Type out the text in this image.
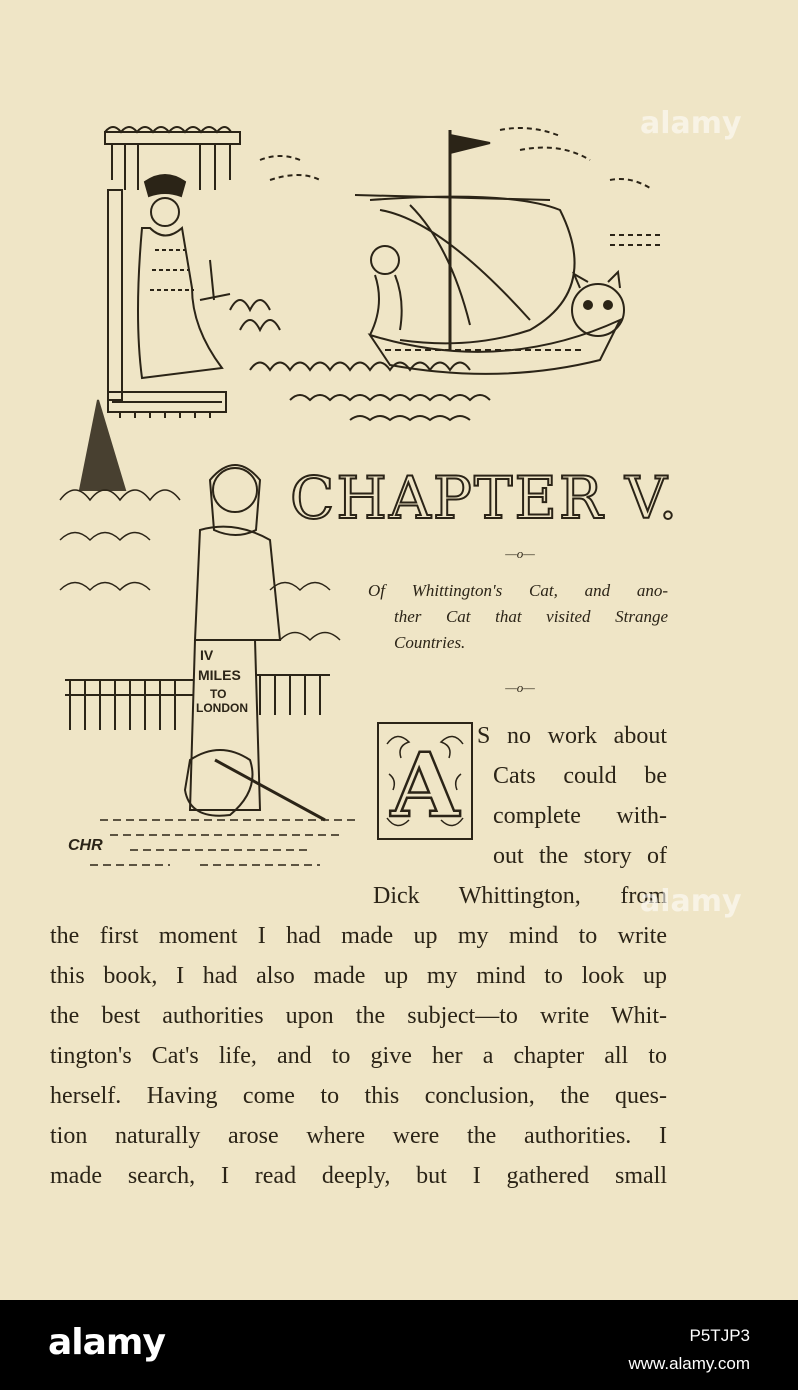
IV
MILES
TO
LONDON
CHR
CHAPTER V.
—o—
Of Whittington's Cat, and ano-
ther Cat that visited Strange
Countries.
—o—
A S no work about
Cats could be
complete with-
out the story of
Dick Whittington, from
the first moment I had made up my mind to write
this book, I had also made up my mind to look up
the best authorities upon the subject—to write Whit-
tington's Cat's life, and to give her a chapter all to
herself. Having come to this conclusion, the ques-
tion naturally arose where were the authorities. I
made search, I read deeply, but I gathered small
alamy
alamy
alamy	P5TJP3
www.alamy.com
